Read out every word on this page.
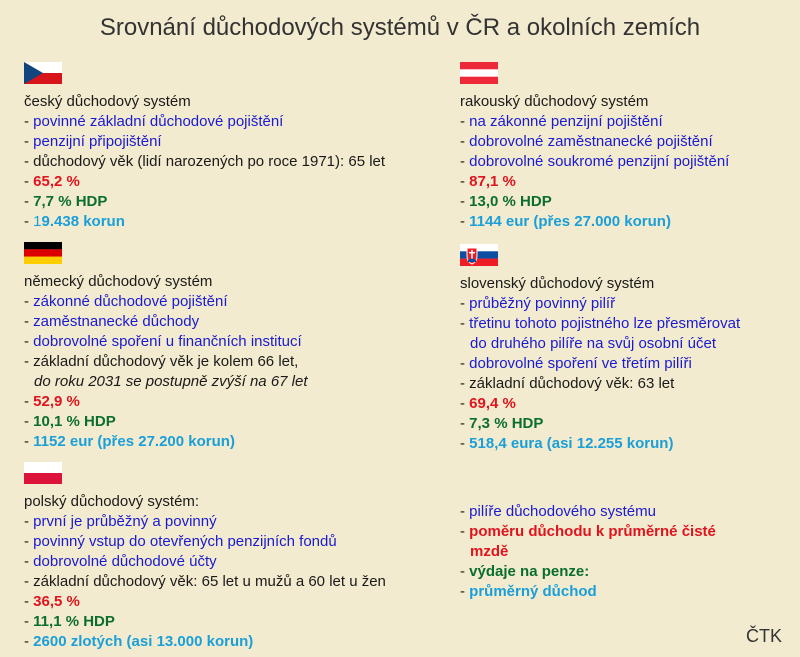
Srovnání důchodových systémů v ČR a okolních zemích
český důchodový systém
- povinné základní důchodové pojištění
- penzijní připojištění
- důchodový věk (lidí narozených po roce 1971): 65 let
- 65,2 %
- 7,7 % HDP
- 19.438 korun
rakouský důchodový systém
- na zákonné penzijní pojištění
- dobrovolné zaměstnanecké pojištění
- dobrovolné soukromé penzijní pojištění
- 87,1 %
- 13,0 % HDP
- 1144 eur (přes 27.000 korun)
německý důchodový systém
- zákonné důchodové pojištění
- zaměstnanecké důchody
- dobrovolné spoření u finančních institucí
- základní důchodový věk je kolem 66 let,
do roku 2031 se postupně zvýší na 67 let
- 52,9 %
- 10,1 % HDP
- 1152 eur (přes 27.200 korun)
slovenský důchodový systém
- průběžný povinný pilíř
- třetinu tohoto pojistného lze přesměrovat
do druhého pilíře na svůj osobní účet
- dobrovolné spoření ve třetím pilíři
- základní důchodový věk: 63 let
- 69,4 %
- 7,3 % HDP
- 518,4 eura (asi 12.255 korun)
polský důchodový systém:
- první je průběžný a povinný
- povinný vstup do otevřených penzijních fondů
- dobrovolné důchodové účty
- základní důchodový věk: 65 let u mužů a 60 let u žen
- 36,5 %
- 11,1 % HDP
- 2600 zlotých (asi 13.000 korun)
- pilíře důchodového systému
- poměru důchodu k průměrné čisté
mzdě
- výdaje na penze:
- průměrný důchod
ČTK
